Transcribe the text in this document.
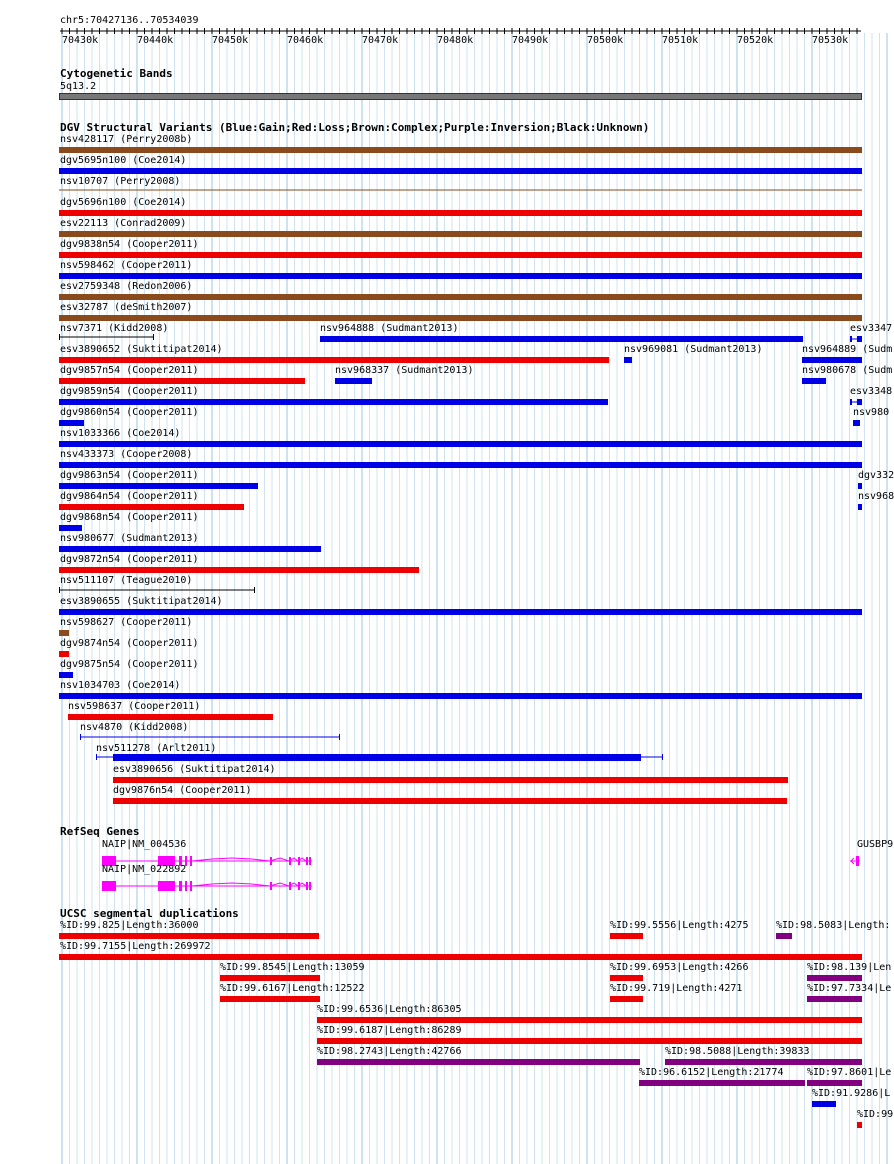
chr5:70427136..70534039
70430k	70440k	70450k	70460k	70470k	70480k	70490k	70500k	70510k	70520k	70530k
Cytogenetic Bands
5q13.2
DGV Structural Variants (Blue:Gain;Red:Loss;Brown:Complex;Purple:Inversion;Black:Unknown)
RefSeq Genes
UCSC segmental duplications
nsv428117 (Perry2008b)
dgv5695n100 (Coe2014)
nsv10707 (Perry2008)
dgv5696n100 (Coe2014)
esv22113 (Conrad2009)
dgv9838n54 (Cooper2011)
nsv598462 (Cooper2011)
esv2759348 (Redon2006)
esv32787 (deSmith2007)
nsv7371 (Kidd2008)	nsv964888 (Sudmant2013)	esv3347
esv3890652 (Suktitipat2014)	nsv969081 (Sudmant2013)	nsv964889 (Sudm
dgv9857n54 (Cooper2011)	nsv968337 (Sudmant2013)	nsv980678 (Sudm
dgv9859n54 (Cooper2011)	esv3348
dgv9860n54 (Cooper2011)	nsv980
nsv1033366 (Coe2014)
nsv433373 (Cooper2008)
dgv9863n54 (Cooper2011)	dgv332
dgv9864n54 (Cooper2011)	nsv968
dgv9868n54 (Cooper2011)
nsv980677 (Sudmant2013)
dgv9872n54 (Cooper2011)
nsv511107 (Teague2010)
esv3890655 (Suktitipat2014)
nsv598627 (Cooper2011)
dgv9874n54 (Cooper2011)
dgv9875n54 (Cooper2011)
nsv1034703 (Coe2014)
nsv598637 (Cooper2011)
nsv4870 (Kidd2008)
nsv511278 (Arlt2011)
esv3890656 (Suktitipat2014)
dgv9876n54 (Cooper2011)
NAIP|NM_004536	GUSBP9
NAIP|NM_022892
%ID:99.825|Length:36000	%ID:99.5556|Length:4275	%ID:98.5083|Length:
%ID:99.7155|Length:269972
%ID:99.8545|Length:13059	%ID:99.6953|Length:4266	%ID:98.139|Len
%ID:99.6167|Length:12522	%ID:99.719|Length:4271	%ID:97.7334|Le
%ID:99.6536|Length:86305
%ID:99.6187|Length:86289
%ID:98.2743|Length:42766	%ID:98.5088|Length:39833
%ID:96.6152|Length:21774 %ID:97.8601|Le
%ID:91.9286|L
%ID:99
